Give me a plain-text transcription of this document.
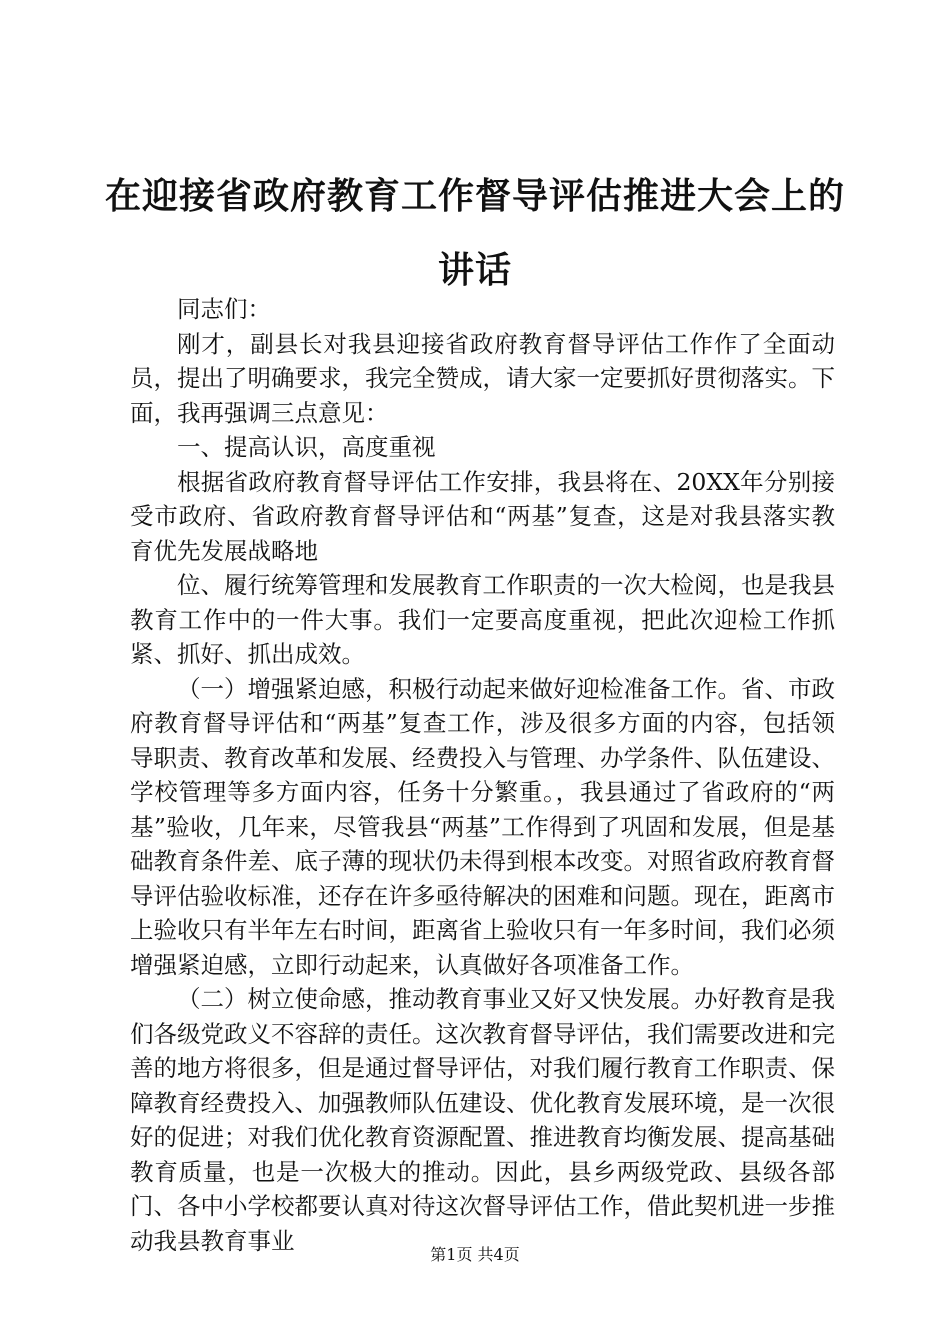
在迎接省政府教育工作督导评估推进大会上的讲话

同志们：

刚才，副县长对我县迎接省政府教育督导评估工作作了全面动员，提出了明确要求，我完全赞成，请大家一定要抓好贯彻落实。下面，我再强调三点意见：

一、提高认识，高度重视

根据省政府教育督导评估工作安排，我县将在、20XX年分别接受市政府、省政府教育督导评估和“两基”复查，这是对我县落实教育优先发展战略地

位、履行统筹管理和发展教育工作职责的一次大检阅，也是我县教育工作中的一件大事。我们一定要高度重视，把此次迎检工作抓紧、抓好、抓出成效。

（一）增强紧迫感，积极行动起来做好迎检准备工作。省、市政府教育督导评估和“两基”复查工作，涉及很多方面的内容，包括领导职责、教育改革和发展、经费投入与管理、办学条件、队伍建设、学校管理等多方面内容，任务十分繁重。，我县通过了省政府的“两基”验收，几年来，尽管我县“两基”工作得到了巩固和发展，但是基础教育条件差、底子薄的现状仍未得到根本改变。对照省政府教育督导评估验收标准，还存在许多亟待解决的困难和问题。现在，距离市上验收只有半年左右时间，距离省上验收只有一年多时间，我们必须增强紧迫感，立即行动起来，认真做好各项准备工作。

（二）树立使命感，推动教育事业又好又快发展。办好教育是我们各级党政义不容辞的责任。这次教育督导评估，我们需要改进和完善的地方将很多，但是通过督导评估，对我们履行教育工作职责、保障教育经费投入、加强教师队伍建设、优化教育发展环境，是一次很好的促进；对我们优化教育资源配置、推进教育均衡发展、提高基础教育质量，也是一次极大的推动。因此，县乡两级党政、县级各部门、各中小学校都要认真对待这次督导评估工作，借此契机进一步推动我县教育事业	第1页 共4页
